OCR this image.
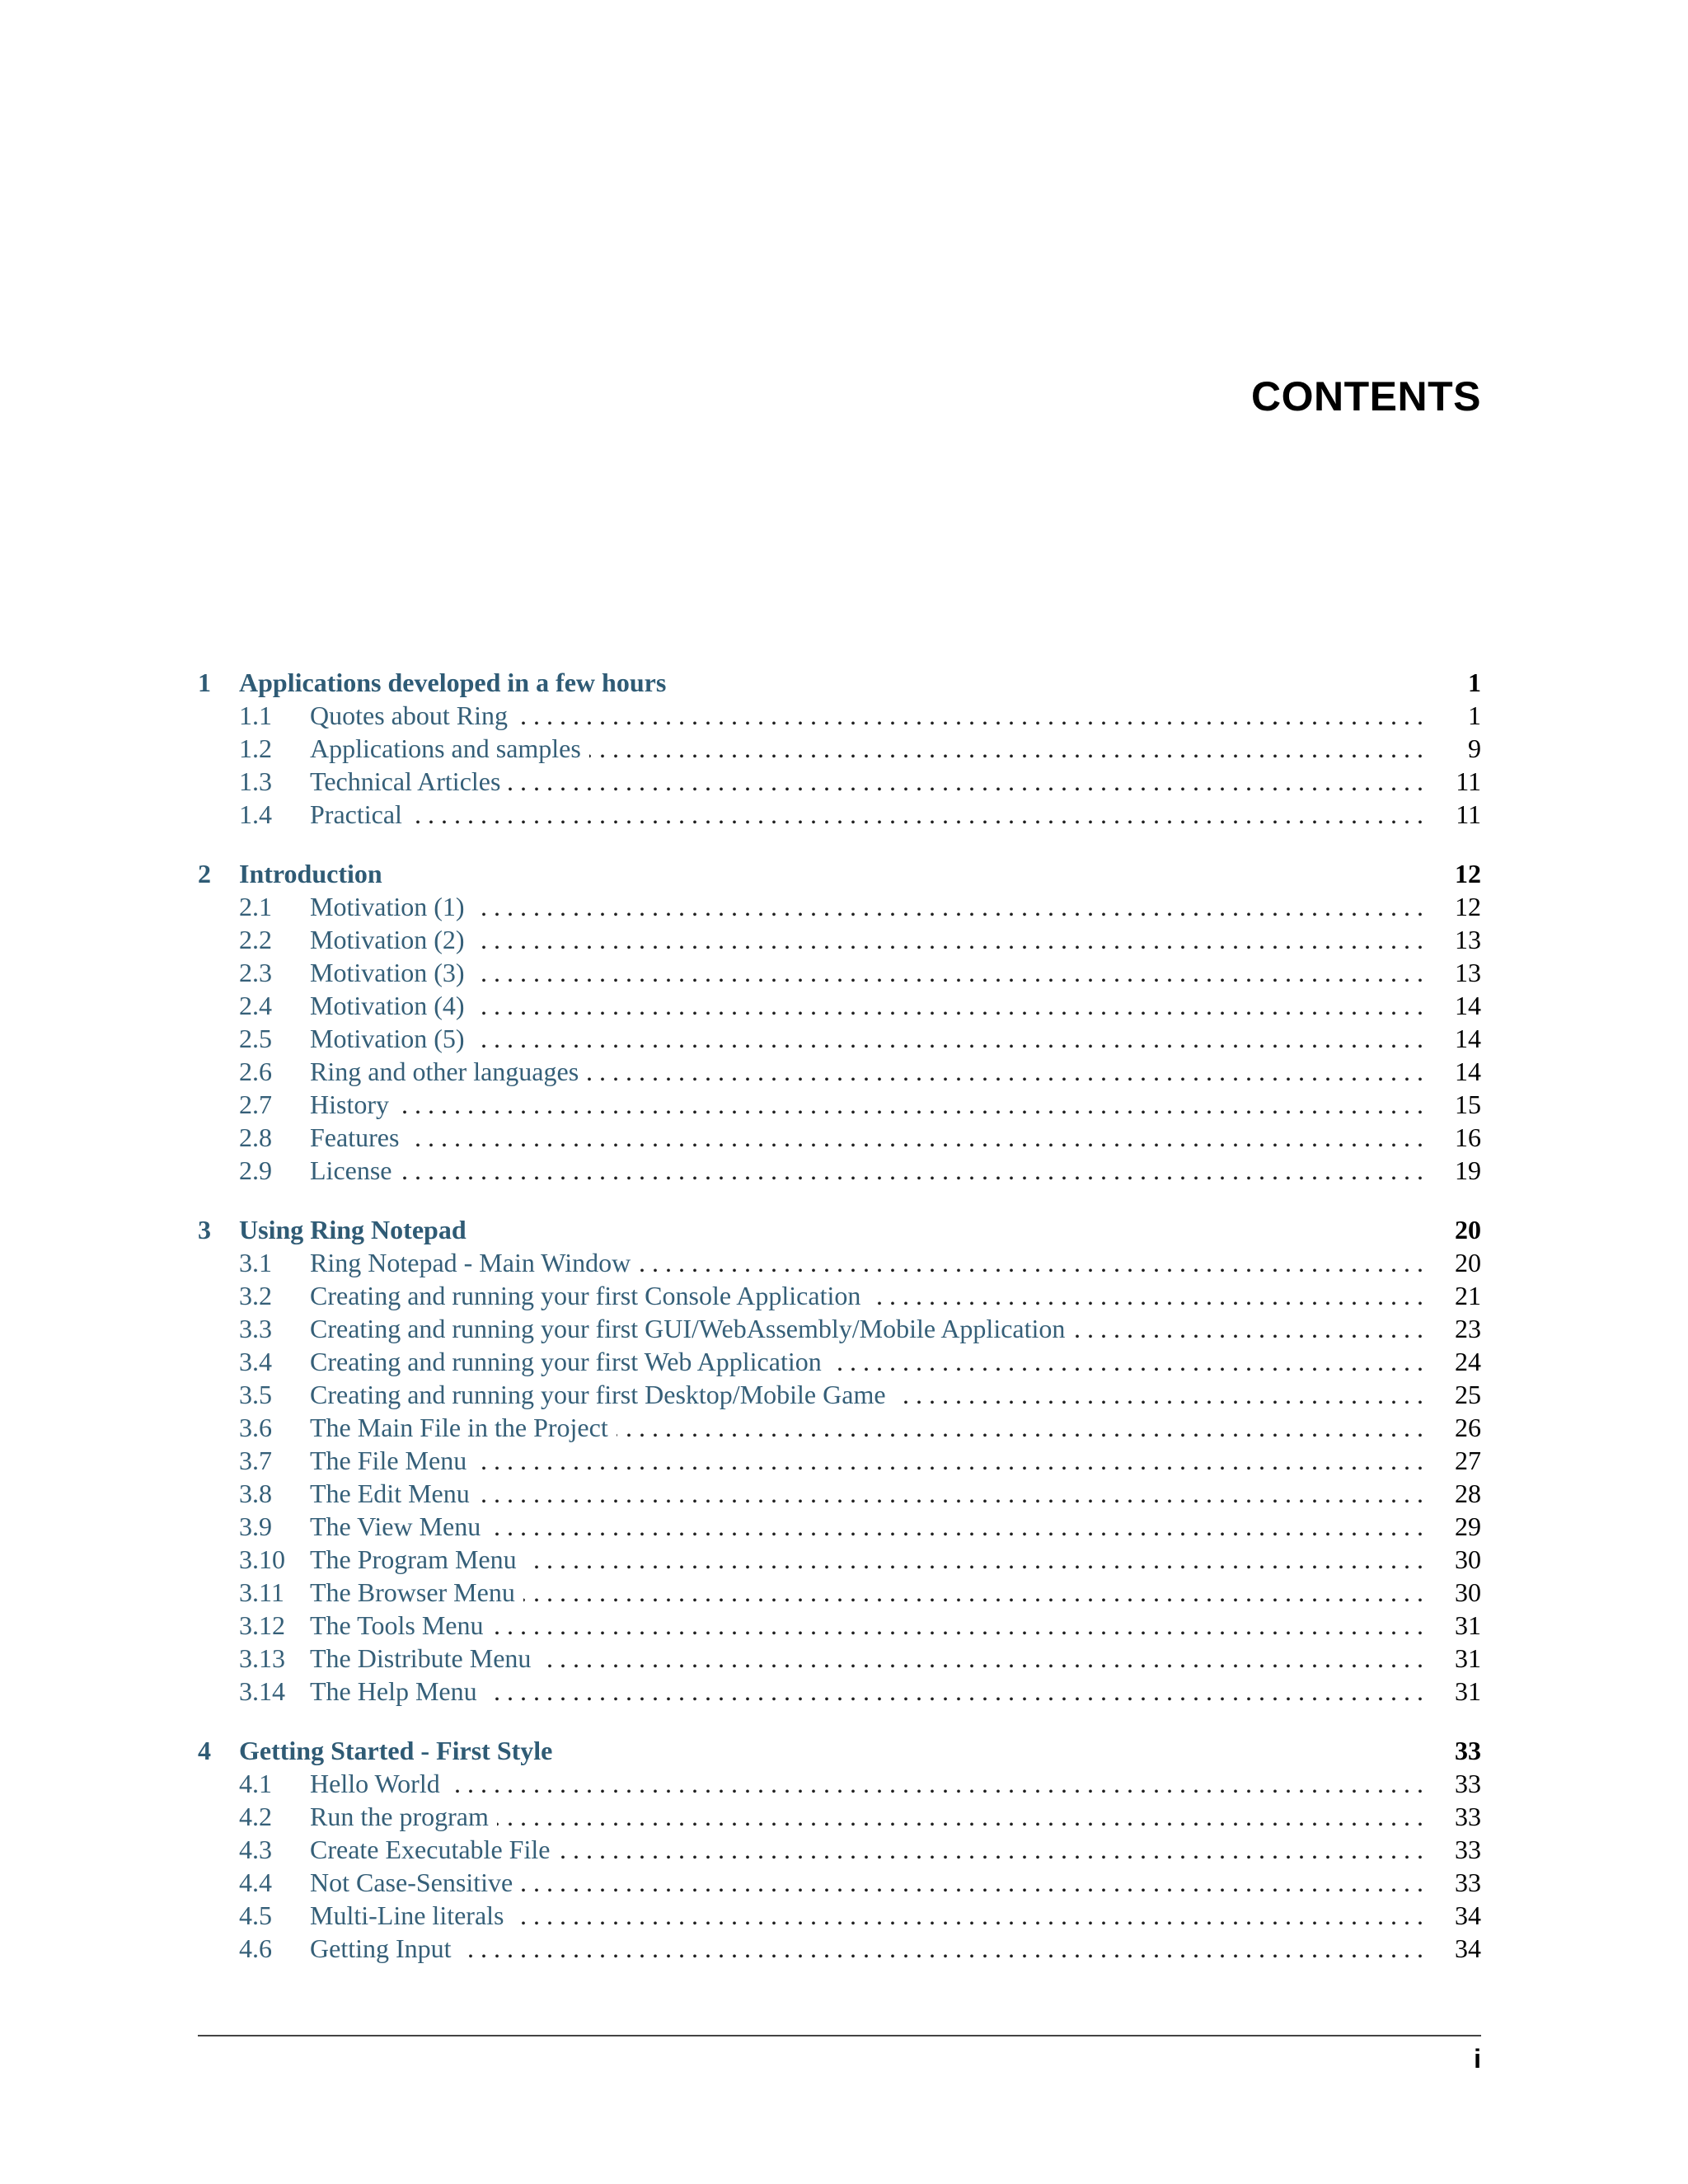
CONTENTS
1 Applications developed in a few hours	1
1.1 Quotes about Ring . . .	1
1.2 Applications and samples . . .	9
1.3 Technical Articles . . .	11
1.4 Practical . . .	11
2 Introduction	12
2.1 Motivation (1) . . .	12
2.2 Motivation (2) . . .	13
2.3 Motivation (3) . . .	13
2.4 Motivation (4) . . .	14
2.5 Motivation (5) . . .	14
2.6 Ring and other languages . . .	14
2.7 History . . .	15
2.8 Features . . .	16
2.9 License . . .	19
3 Using Ring Notepad	20
3.1 Ring Notepad - Main Window . . .	20
3.2 Creating and running your first Console Application . . .	21
3.3 Creating and running your first GUI/WebAssembly/Mobile Application . . .	23
3.4 Creating and running your first Web Application . . .	24
3.5 Creating and running your first Desktop/Mobile Game . . .	25
3.6 The Main File in the Project . . .	26
3.7 The File Menu . . .	27
3.8 The Edit Menu . . .	28
3.9 The View Menu . . .	29
3.10 The Program Menu . . .	30
3.11 The Browser Menu . . .	30
3.12 The Tools Menu . . .	31
3.13 The Distribute Menu . . .	31
3.14 The Help Menu . . .	31
4 Getting Started - First Style	33
4.1 Hello World . . .	33
4.2 Run the program . . .	33
4.3 Create Executable File . . .	33
4.4 Not Case-Sensitive . . .	33
4.5 Multi-Line literals . . .	34
4.6 Getting Input . . .	34
i
